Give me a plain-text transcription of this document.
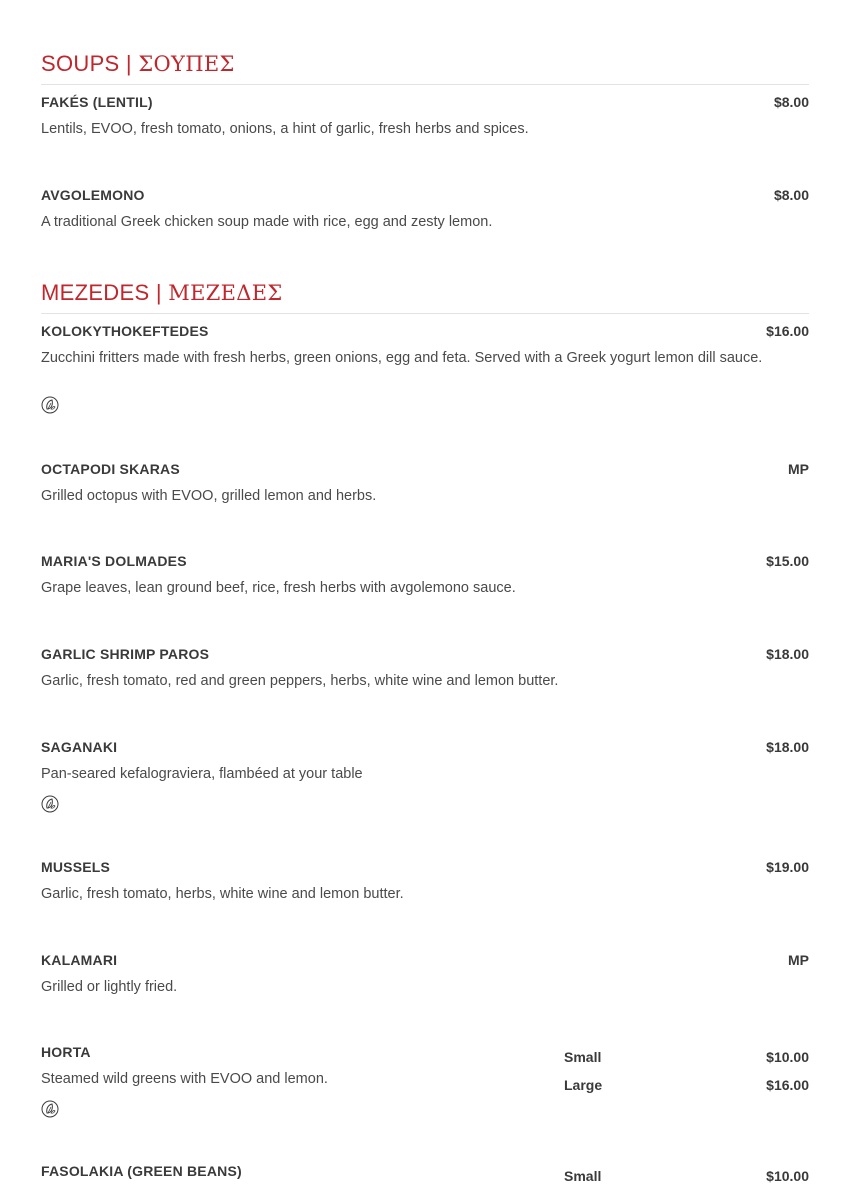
SOUPS | ΣΟΥΠΕΣ
FAKÉS (LENTIL)	$8.00
Lentils, EVOO, fresh tomato, onions, a hint of garlic, fresh herbs and spices.
AVGOLEMONO	$8.00
A traditional Greek chicken soup made with rice, egg and zesty lemon.
MEZEDES | ΜΕΖΕΔΕΣ
KOLOKYTHOKEFTEDES	$16.00
Zucchini fritters made with fresh herbs, green onions, egg and feta. Served with a Greek yogurt lemon dill sauce.
OCTAPODI SKARAS	MP
Grilled octopus with EVOO, grilled lemon and herbs.
MARIA'S DOLMADES	$15.00
Grape leaves, lean ground beef, rice, fresh herbs with avgolemono sauce.
GARLIC SHRIMP PAROS	$18.00
Garlic, fresh tomato, red and green peppers, herbs, white wine and lemon butter.
SAGANAKI	$18.00
Pan-seared kefalograviera, flambéed at your table
MUSSELS	$19.00
Garlic, fresh tomato, herbs, white wine and lemon butter.
KALAMARI	MP
Grilled or lightly fried.
HORTA
Steamed wild greens with EVOO and lemon.
Small	$10.00
Large	$16.00
FASOLAKIA (GREEN BEANS)	Small	$10.00
